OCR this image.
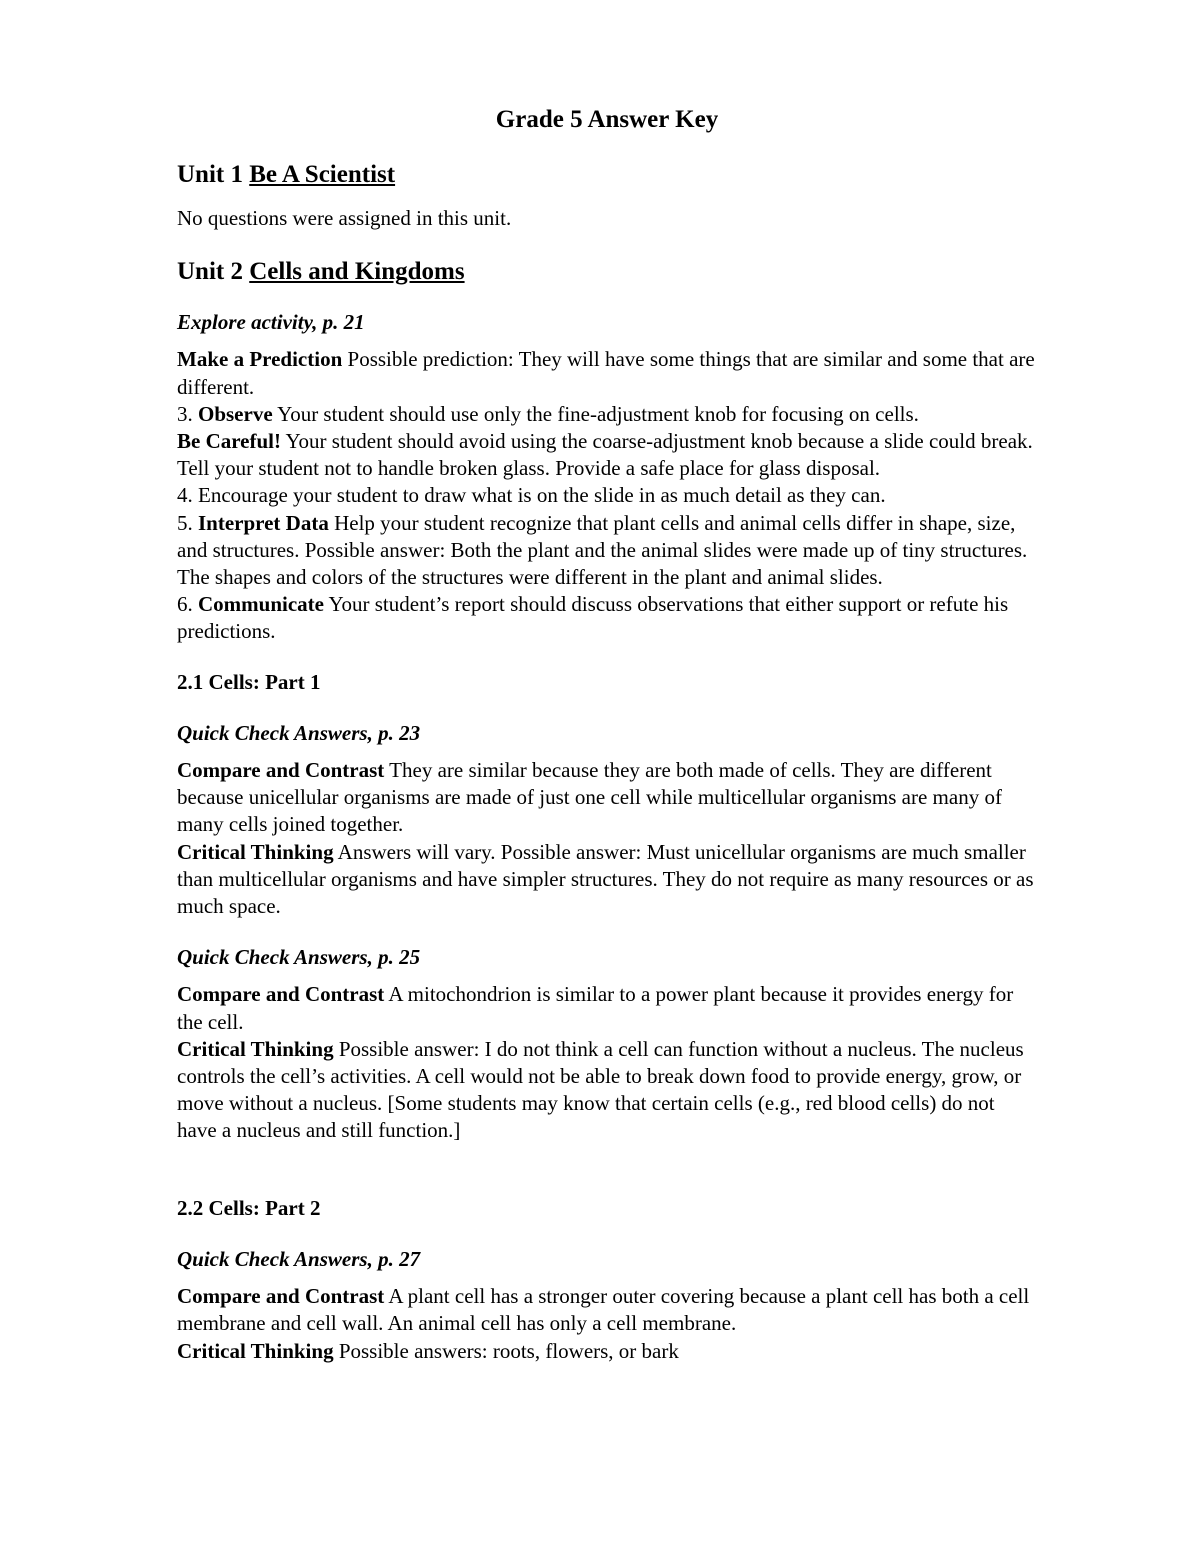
Grade 5 Answer Key
Unit 1 Be A Scientist

No questions were assigned in this unit.

Unit 2 Cells and Kingdoms

Explore activity, p. 21

Make a Prediction Possible prediction: They will have some things that are similar and some that are different.

3. Observe Your student should use only the fine-adjustment knob for focusing on cells.

Be Careful! Your student should avoid using the coarse-adjustment knob because a slide could break. Tell your student not to handle broken glass. Provide a safe place for glass disposal.

4. Encourage your student to draw what is on the slide in as much detail as they can.

5. Interpret Data Help your student recognize that plant cells and animal cells differ in shape, size, and structures. Possible answer: Both the plant and the animal slides were made up of tiny structures. The shapes and colors of the structures were different in the plant and animal slides.

6. Communicate Your student’s report should discuss observations that either support or refute his predictions.

2.1 Cells: Part 1

Quick Check Answers, p. 23

Compare and Contrast They are similar because they are both made of cells. They are different because unicellular organisms are made of just one cell while multicellular organisms are many of many cells joined together.

Critical Thinking Answers will vary. Possible answer: Must unicellular organisms are much smaller than multicellular organisms and have simpler structures. They do not require as many resources or as much space.

Quick Check Answers, p. 25

Compare and Contrast A mitochondrion is similar to a power plant because it provides energy for the cell.

Critical Thinking Possible answer: I do not think a cell can function without a nucleus. The nucleus controls the cell’s activities. A cell would not be able to break down food to provide energy, grow, or move without a nucleus. [Some students may know that certain cells (e.g., red blood cells) do not have a nucleus and still function.]

2.2 Cells: Part 2

Quick Check Answers, p. 27

Compare and Contrast A plant cell has a stronger outer covering because a plant cell has both a cell membrane and cell wall. An animal cell has only a cell membrane.

Critical Thinking Possible answers: roots, flowers, or bark
